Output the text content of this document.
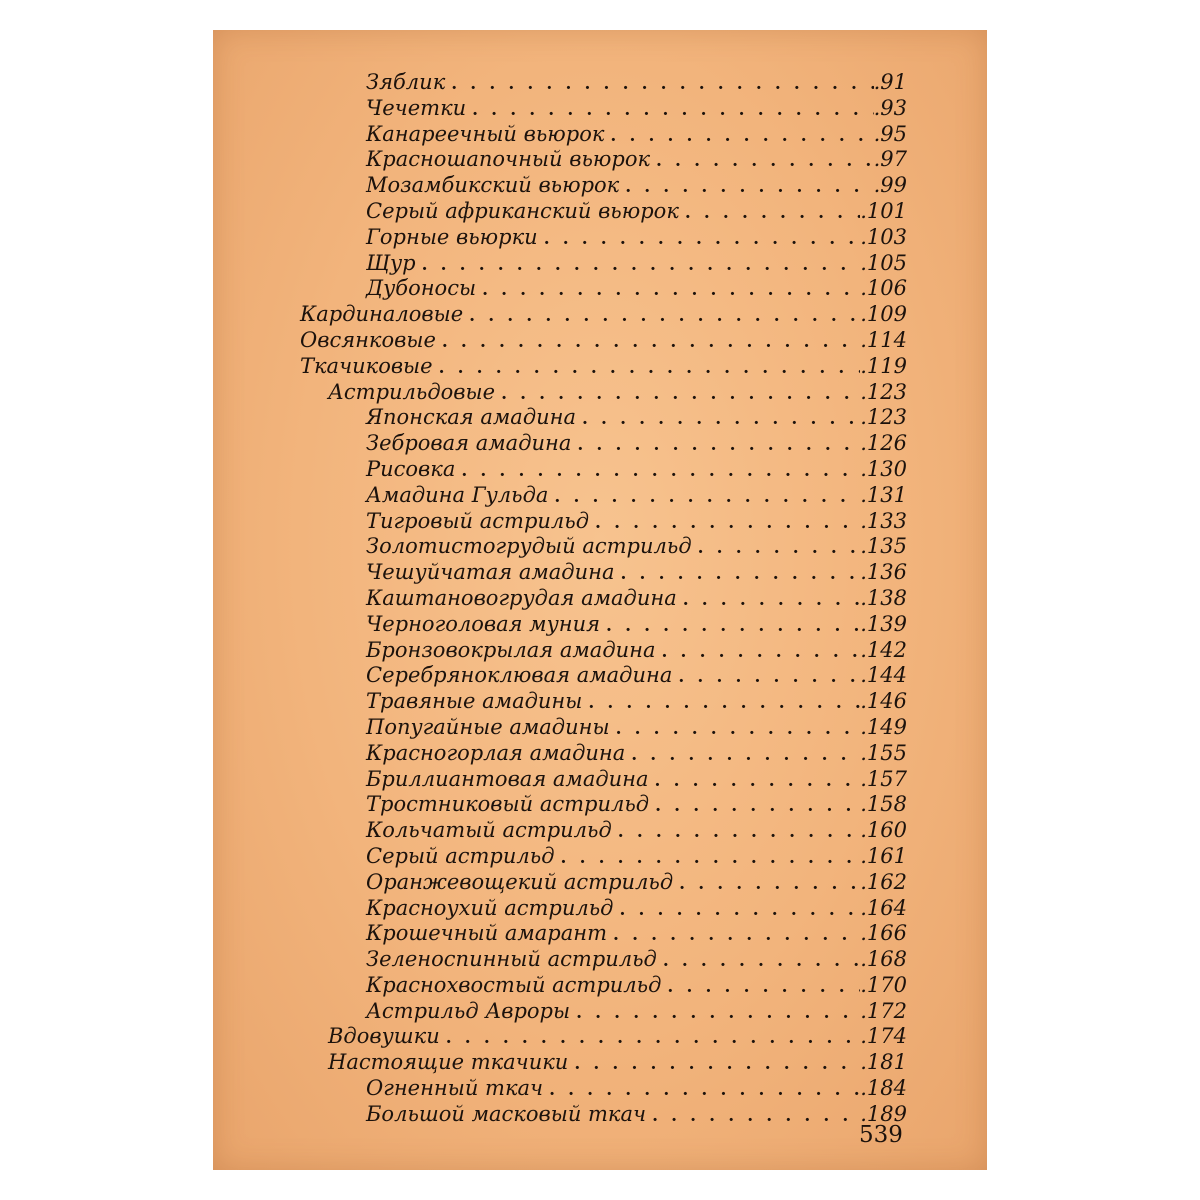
Зяблик . . .	.91
Чечетки . . .	.93
Канареечный вьюрок . . .	.95
Красношапочный вьюрок . . .	.97
Мозамбикский вьюрок . . .	.99
Серый африканский вьюрок . . .	.101
Горные вьюрки . . .	.103
Щур . . .	.105
Дубоносы . . .	.106
Кардиналовые . . .	.109
Овсянковые . . .	.114
Ткачиковые . . .	.119
Астрильдовые . . .	.123
Японская амадина . . .	.123
Зебровая амадина . . .	.126
Рисовка . . .	.130
Амадина Гульда . . .	.131
Тигровый астрильд . . .	.133
Золотистогрудый астрильд . . .	.135
Чешуйчатая амадина . . .	.136
Каштановогрудая амадина . . .	.138
Черноголовая муния . . .	.139
Бронзовокрылая амадина . . .	.142
Серебряноклювая амадина . . .	.144
Травяные амадины . . .	.146
Попугайные амадины . . .	.149
Красногорлая амадина . . .	.155
Бриллиантовая амадина . . .	.157
Тростниковый астрильд . . .	.158
Кольчатый астрильд . . .	.160
Серый астрильд . . .	.161
Оранжевощекий астрильд . . .	.162
Красноухий астрильд . . .	.164
Крошечный амарант . . .	.166
Зеленоспинный астрильд . . .	.168
Краснохвостый астрильд . . .	.170
Астрильд Авроры . . .	.172
Вдовушки . . .	.174
Настоящие ткачики . . .	.181
Огненный ткач . . .	.184
Большой масковый ткач . . .	.189
539
